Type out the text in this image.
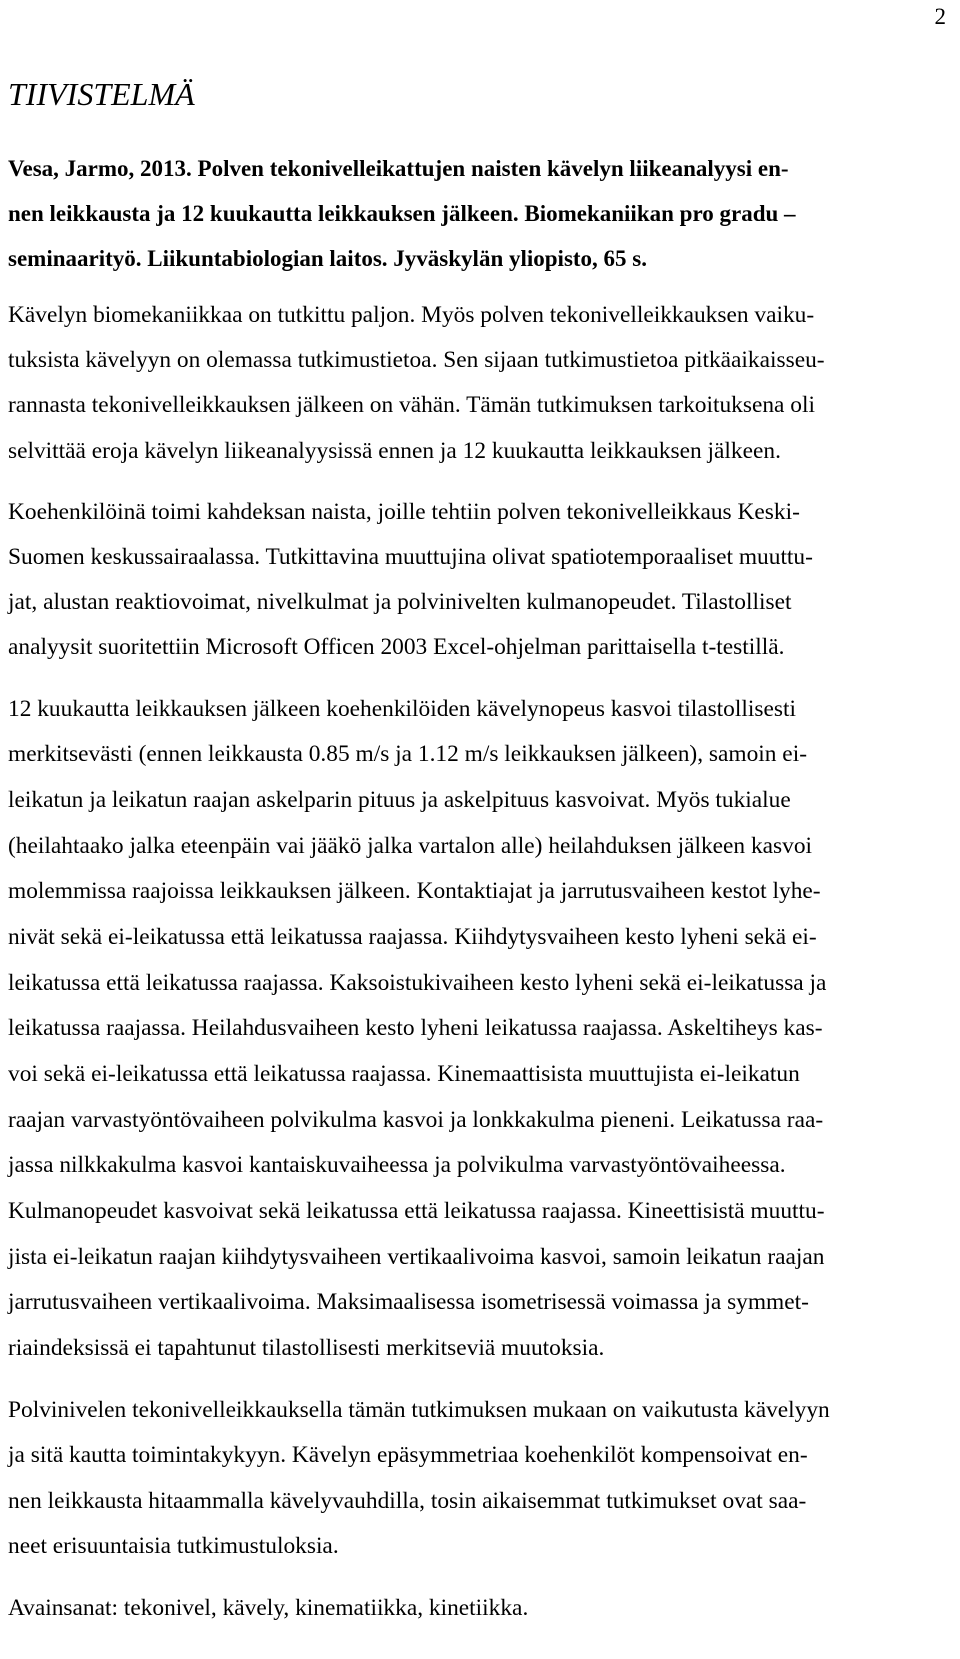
2
TIIVISTELMÄ
Vesa, Jarmo, 2013. Polven tekonivelleikattujen naisten kävelyn liikeanalyysi en-
nen leikkausta ja 12 kuukautta leikkauksen jälkeen. Biomekaniikan pro gradu –
seminaarityö. Liikuntabiologian laitos. Jyväskylän yliopisto, 65 s.
Kävelyn biomekaniikkaa on tutkittu paljon. Myös polven tekonivelleikkauksen vaiku-
tuksista kävelyyn on olemassa tutkimustietoa. Sen sijaan tutkimustietoa pitkäaikaisseu-
rannasta tekonivelleikkauksen jälkeen on vähän. Tämän tutkimuksen tarkoituksena oli
selvittää eroja kävelyn liikeanalyysissä ennen ja 12 kuukautta leikkauksen jälkeen.
Koehenkilöinä toimi kahdeksan naista, joille tehtiin polven tekonivelleikkaus Keski-
Suomen keskussairaalassa. Tutkittavina muuttujina olivat spatiotemporaaliset muuttu-
jat, alustan reaktiovoimat, nivelkulmat ja polvinivelten kulmanopeudet. Tilastolliset
analyysit suoritettiin Microsoft Officen 2003 Excel-ohjelman parittaisella t-testillä.
12 kuukautta leikkauksen jälkeen koehenkilöiden kävelynopeus kasvoi tilastollisesti
merkitsevästi (ennen leikkausta 0.85 m/s ja 1.12 m/s leikkauksen jälkeen), samoin ei-
leikatun ja leikatun raajan askelparin pituus ja askelpituus kasvoivat. Myös tukialue
(heilahtaako jalka eteenpäin vai jääkö jalka vartalon alle) heilahduksen jälkeen kasvoi
molemmissa raajoissa leikkauksen jälkeen. Kontaktiajat ja jarrutusvaiheen kestot lyhe-
nivät sekä ei-leikatussa että leikatussa raajassa. Kiihdytysvaiheen kesto lyheni sekä ei-
leikatussa että leikatussa raajassa. Kaksoistukivaiheen kesto lyheni sekä ei-leikatussa ja
leikatussa raajassa. Heilahdusvaiheen kesto lyheni leikatussa raajassa. Askeltiheys kas-
voi sekä ei-leikatussa että leikatussa raajassa. Kinemaattisista muuttujista ei-leikatun
raajan varvastyöntövaiheen polvikulma kasvoi ja lonkkakulma pieneni. Leikatussa raa-
jassa nilkkakulma kasvoi kantaiskuvaiheessa ja polvikulma varvastyöntövaiheessa.
Kulmanopeudet kasvoivat sekä leikatussa että leikatussa raajassa. Kineettisistä muuttu-
jista ei-leikatun raajan kiihdytysvaiheen vertikaalivoima kasvoi, samoin leikatun raajan
jarrutusvaiheen vertikaalivoima. Maksimaalisessa isometrisessä voimassa ja symmet-
riaindeksissä ei tapahtunut tilastollisesti merkitseviä muutoksia.
Polvinivelen tekonivelleikkauksella tämän tutkimuksen mukaan on vaikutusta kävelyyn
ja sitä kautta toimintakykyyn. Kävelyn epäsymmetriaa koehenkilöt kompensoivat en-
nen leikkausta hitaammalla kävelyvauhdilla, tosin aikaisemmat tutkimukset ovat saa-
neet erisuuntaisia tutkimustuloksia.
Avainsanat: tekonivel, kävely, kinematiikka, kinetiikka.
